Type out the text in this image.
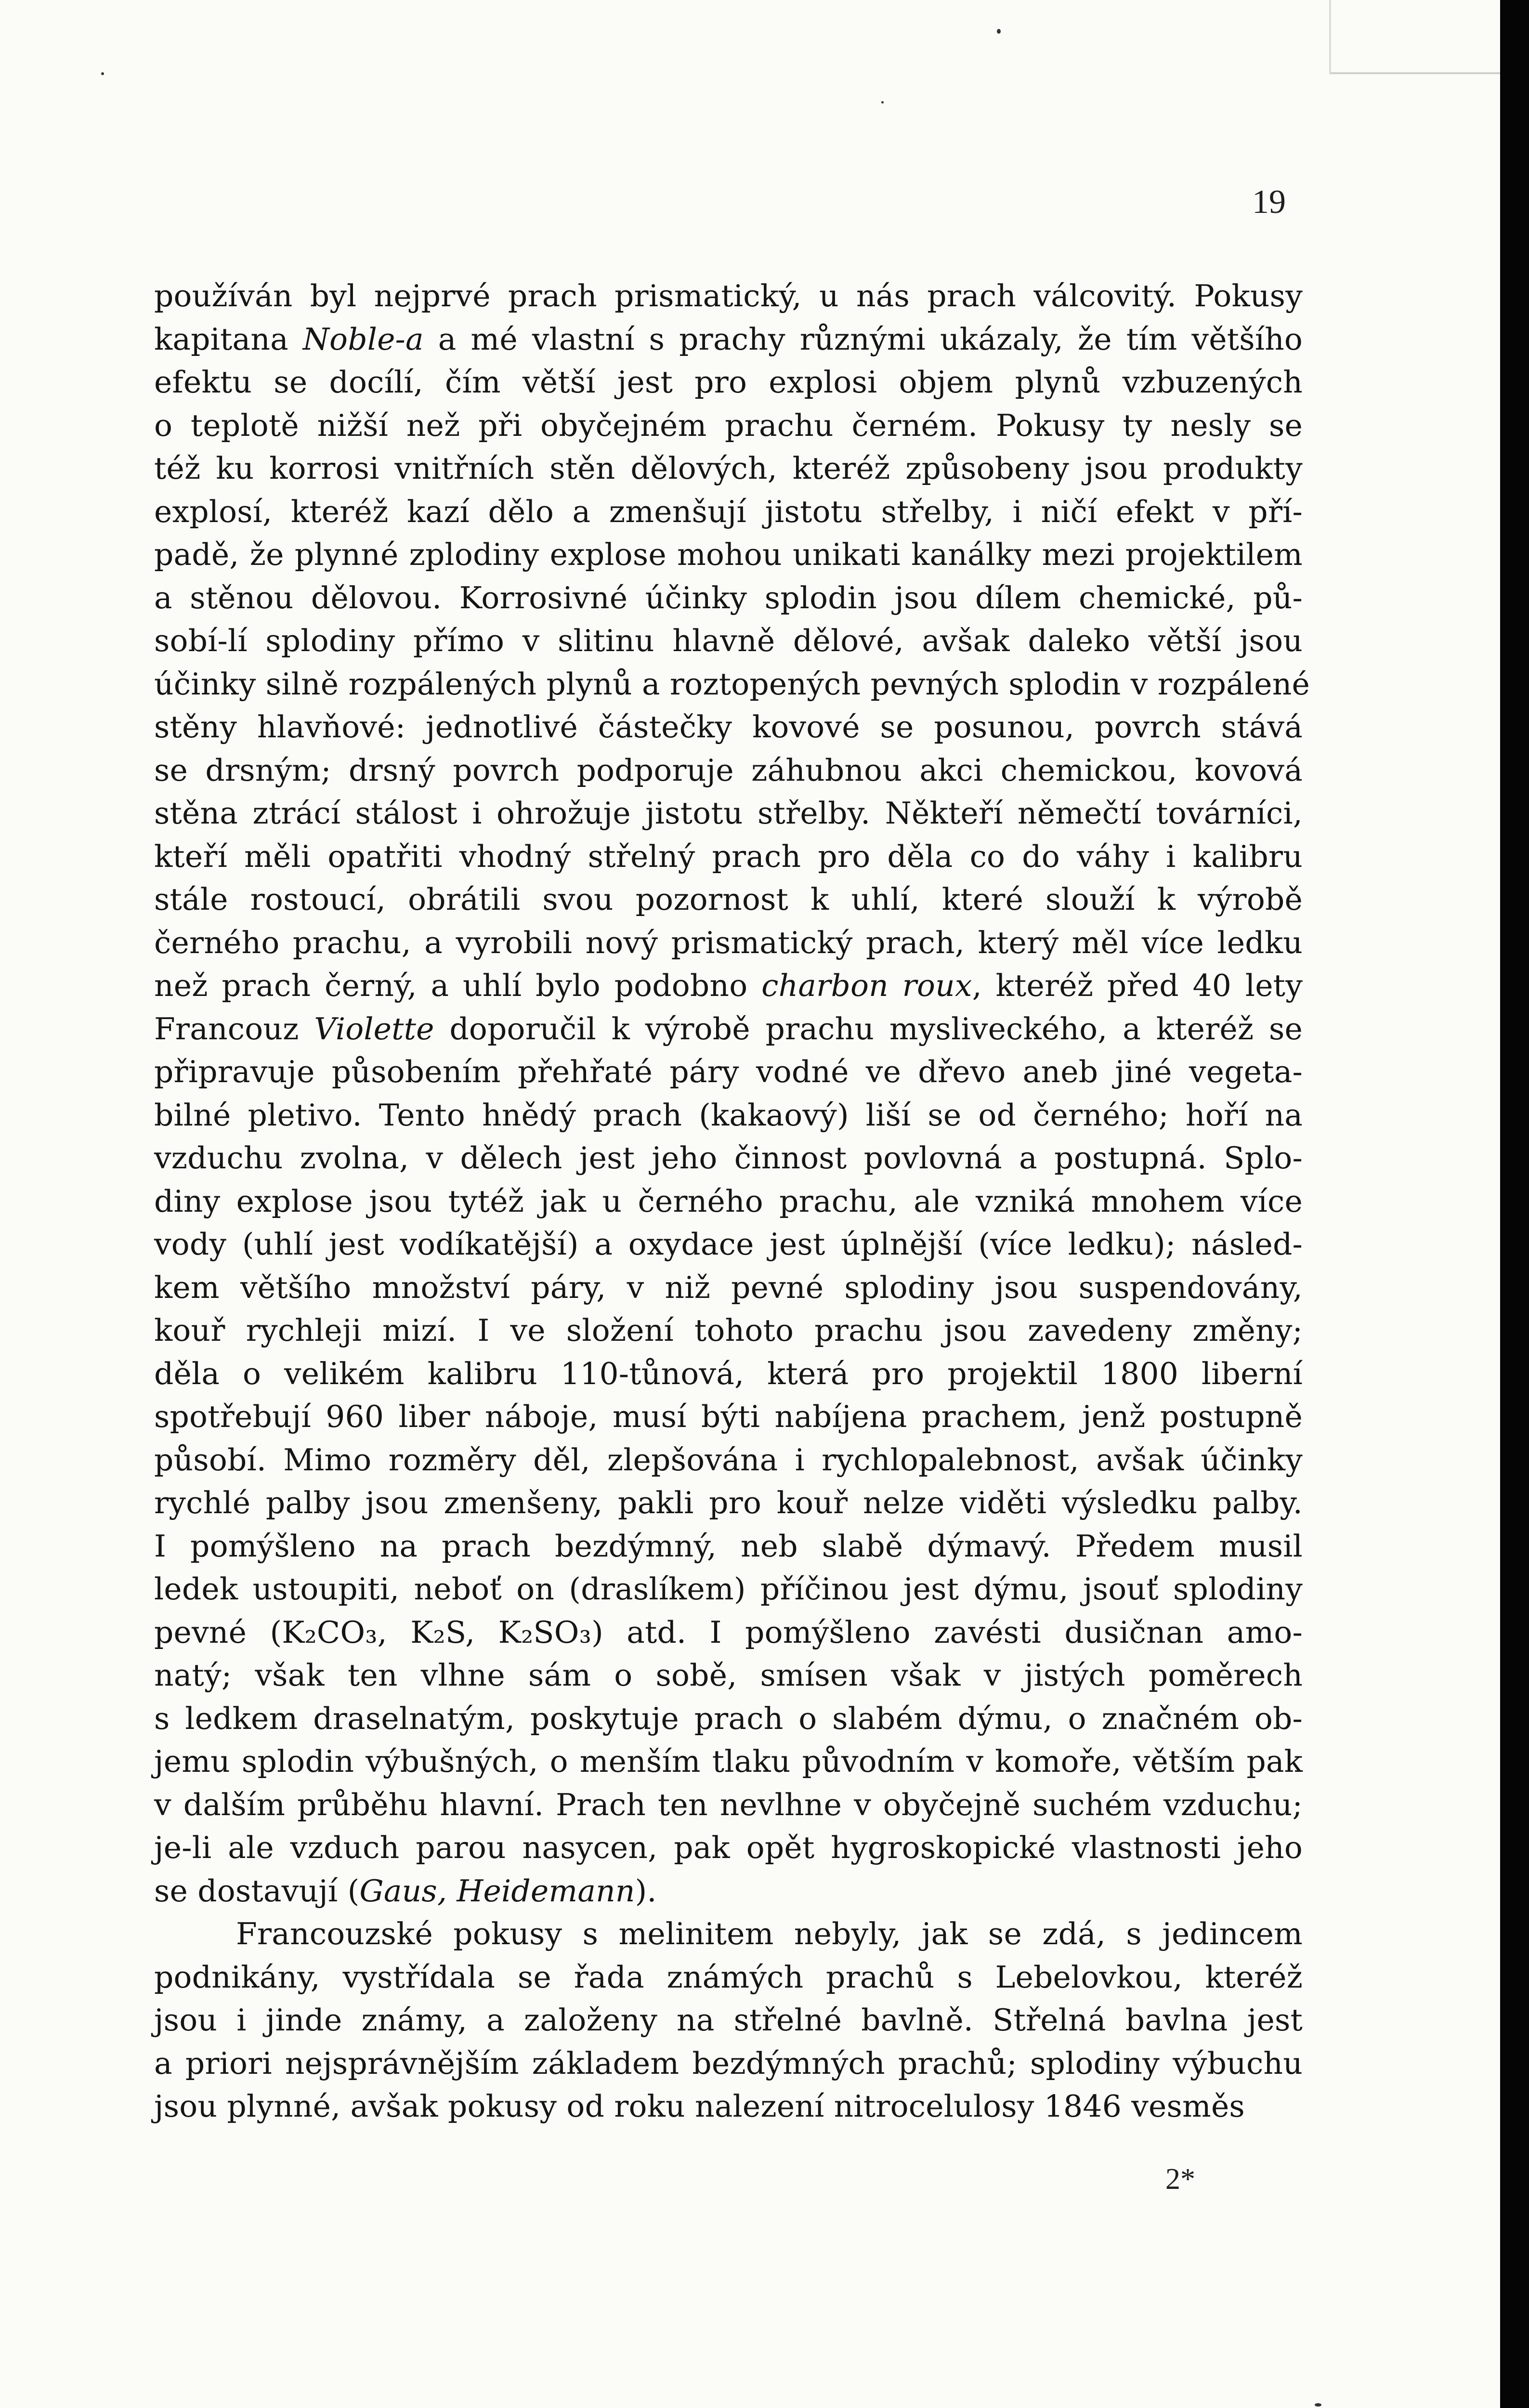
19
používán byl nejprvé prach prismatický, u nás prach válcovitý. Pokusy
kapitana Noble-a a mé vlastní s prachy různými ukázaly, že tím většího
efektu se docílí, čím větší jest pro explosi objem plynů vzbuzených
o teplotě nižší než při obyčejném prachu černém. Pokusy ty nesly se
též ku korrosi vnitřních stěn dělových, kteréž způsobeny jsou produkty
explosí, kteréž kazí dělo a zmenšují jistotu střelby, i ničí efekt v pří-
padě, že plynné zplodiny explose mohou unikati kanálky mezi projektilem
a stěnou dělovou. Korrosivné účinky splodin jsou dílem chemické, pů-
sobí-lí splodiny přímo v slitinu hlavně dělové, avšak daleko větší jsou
účinky silně rozpálených plynů a roztopených pevných splodin v rozpálené
stěny hlavňové: jednotlivé částečky kovové se posunou, povrch stává
se drsným; drsný povrch podporuje záhubnou akci chemickou, kovová
stěna ztrácí stálost i ohrožuje jistotu střelby. Někteří němečtí továrníci,
kteří měli opatřiti vhodný střelný prach pro děla co do váhy i kalibru
stále rostoucí, obrátili svou pozornost k uhlí, které slouží k výrobě
černého prachu, a vyrobili nový prismatický prach, který měl více ledku
než prach černý, a uhlí bylo podobno charbon roux, kteréž před 40 lety
Francouz Violette doporučil k výrobě prachu mysliveckého, a kteréž se
připravuje působením přehřaté páry vodné ve dřevo aneb jiné vegeta-
bilné pletivo. Tento hnědý prach (kakaový) liší se od černého; hoří na
vzduchu zvolna, v dělech jest jeho činnost povlovná a postupná. Splo-
diny explose jsou tytéž jak u černého prachu, ale vzniká mnohem více
vody (uhlí jest vodíkatější) a oxydace jest úplnější (více ledku); násled-
kem většího množství páry, v niž pevné splodiny jsou suspendovány,
kouř rychleji mizí. I ve složení tohoto prachu jsou zavedeny změny;
děla o velikém kalibru 110-tůnová, která pro projektil 1800 liberní
spotřebují 960 liber náboje, musí býti nabíjena prachem, jenž postupně
působí. Mimo rozměry děl, zlepšována i rychlopalebnost, avšak účinky
rychlé palby jsou zmenšeny, pakli pro kouř nelze viděti výsledku palby.
I pomýšleno na prach bezdýmný, neb slabě dýmavý. Předem musil
ledek ustoupiti, neboť on (draslíkem) příčinou jest dýmu, jsouť splodiny
pevné (K₂CO₃, K₂S, K₂SO₃) atd. I pomýšleno zavésti dusičnan amo-
natý; však ten vlhne sám o sobě, smísen však v jistých poměrech
s ledkem draselnatým, poskytuje prach o slabém dýmu, o značném ob-
jemu splodin výbušných, o menším tlaku původním v komoře, větším pak
v dalším průběhu hlavní. Prach ten nevlhne v obyčejně suchém vzduchu;
je-li ale vzduch parou nasycen, pak opět hygroskopické vlastnosti jeho
se dostavují (Gaus, Heidemann).
Francouzské pokusy s melinitem nebyly, jak se zdá, s jedincem
podnikány, vystřídala se řada známých prachů s Lebelovkou, kteréž
jsou i jinde známy, a založeny na střelné bavlně. Střelná bavlna jest
a priori nejsprávnějším základem bezdýmných prachů; splodiny výbuchu
jsou plynné, avšak pokusy od roku nalezení nitrocelulosy 1846 vesměs
2*
